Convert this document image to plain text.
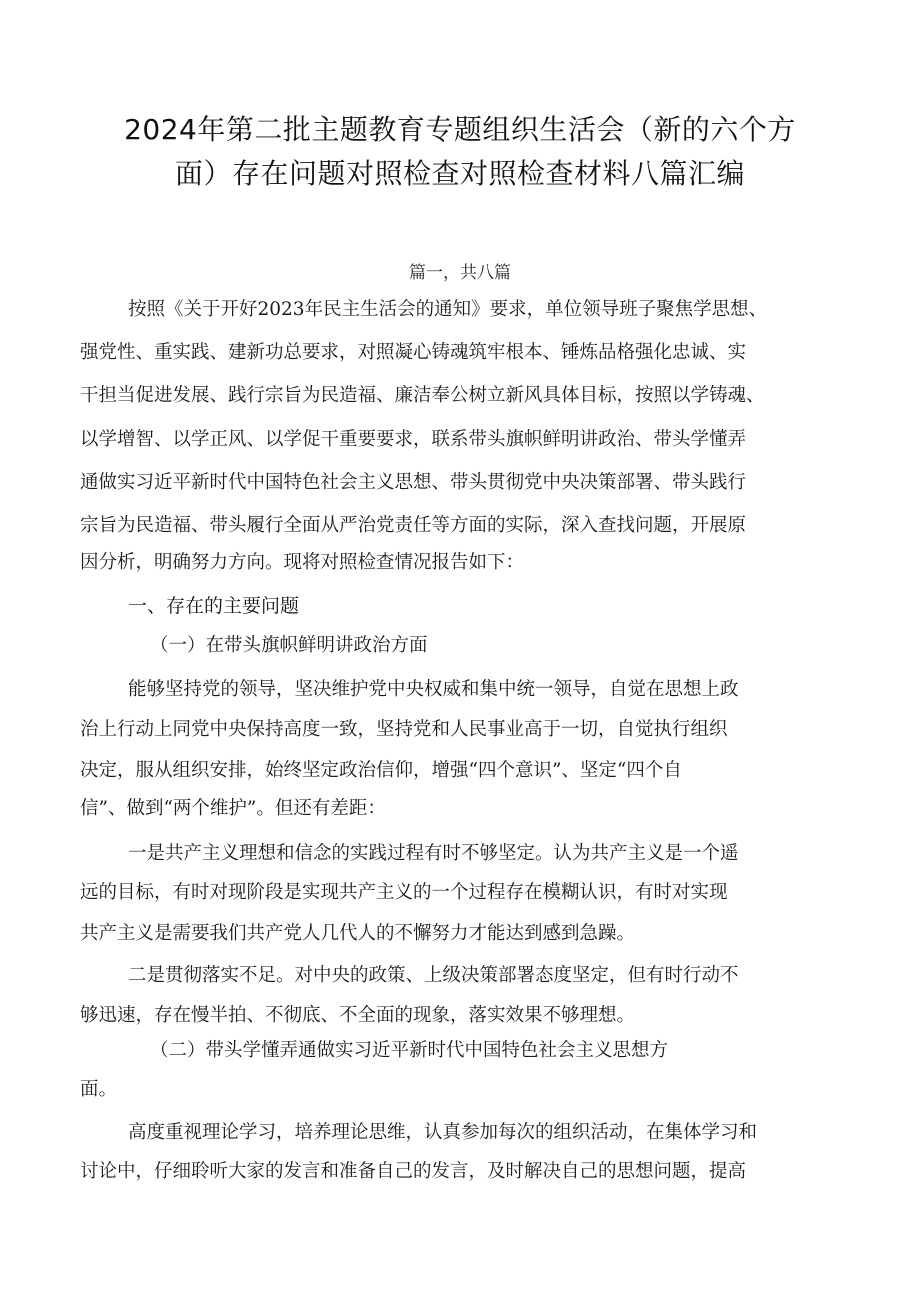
2024年第二批主题教育专题组织生活会（新的六个方
面）存在问题对照检查对照检查材料八篇汇编
篇一，共八篇
按照《关于开好2023年民主生活会的通知》要求，单位领导班子聚焦学思想、
强党性、重实践、建新功总要求，对照凝心铸魂筑牢根本、锤炼品格强化忠诚、实
干担当促进发展、践行宗旨为民造福、廉洁奉公树立新风具体目标，按照以学铸魂、
以学增智、以学正风、以学促干重要要求，联系带头旗帜鲜明讲政治、带头学懂弄
通做实习近平新时代中国特色社会主义思想、带头贯彻党中央决策部署、带头践行
宗旨为民造福、带头履行全面从严治党责任等方面的实际，深入查找问题，开展原
因分析，明确努力方向。现将对照检查情况报告如下：
一、存在的主要问题
（一）在带头旗帜鲜明讲政治方面
能够坚持党的领导，坚决维护党中央权威和集中统一领导，自觉在思想上政
治上行动上同党中央保持高度一致，坚持党和人民事业高于一切，自觉执行组织
决定，服从组织安排，始终坚定政治信仰，增强“四个意识”、坚定“四个自
信”、做到“两个维护”。但还有差距：
一是共产主义理想和信念的实践过程有时不够坚定。认为共产主义是一个遥
远的目标，有时对现阶段是实现共产主义的一个过程存在模糊认识，有时对实现
共产主义是需要我们共产党人几代人的不懈努力才能达到感到急躁。
二是贯彻落实不足。对中央的政策、上级决策部署态度坚定，但有时行动不
够迅速，存在慢半拍、不彻底、不全面的现象，落实效果不够理想。
（二）带头学懂弄通做实习近平新时代中国特色社会主义思想方
面。
高度重视理论学习，培养理论思维，认真参加每次的组织活动，在集体学习和
讨论中，仔细聆听大家的发言和准备自己的发言，及时解决自己的思想问题，提高
